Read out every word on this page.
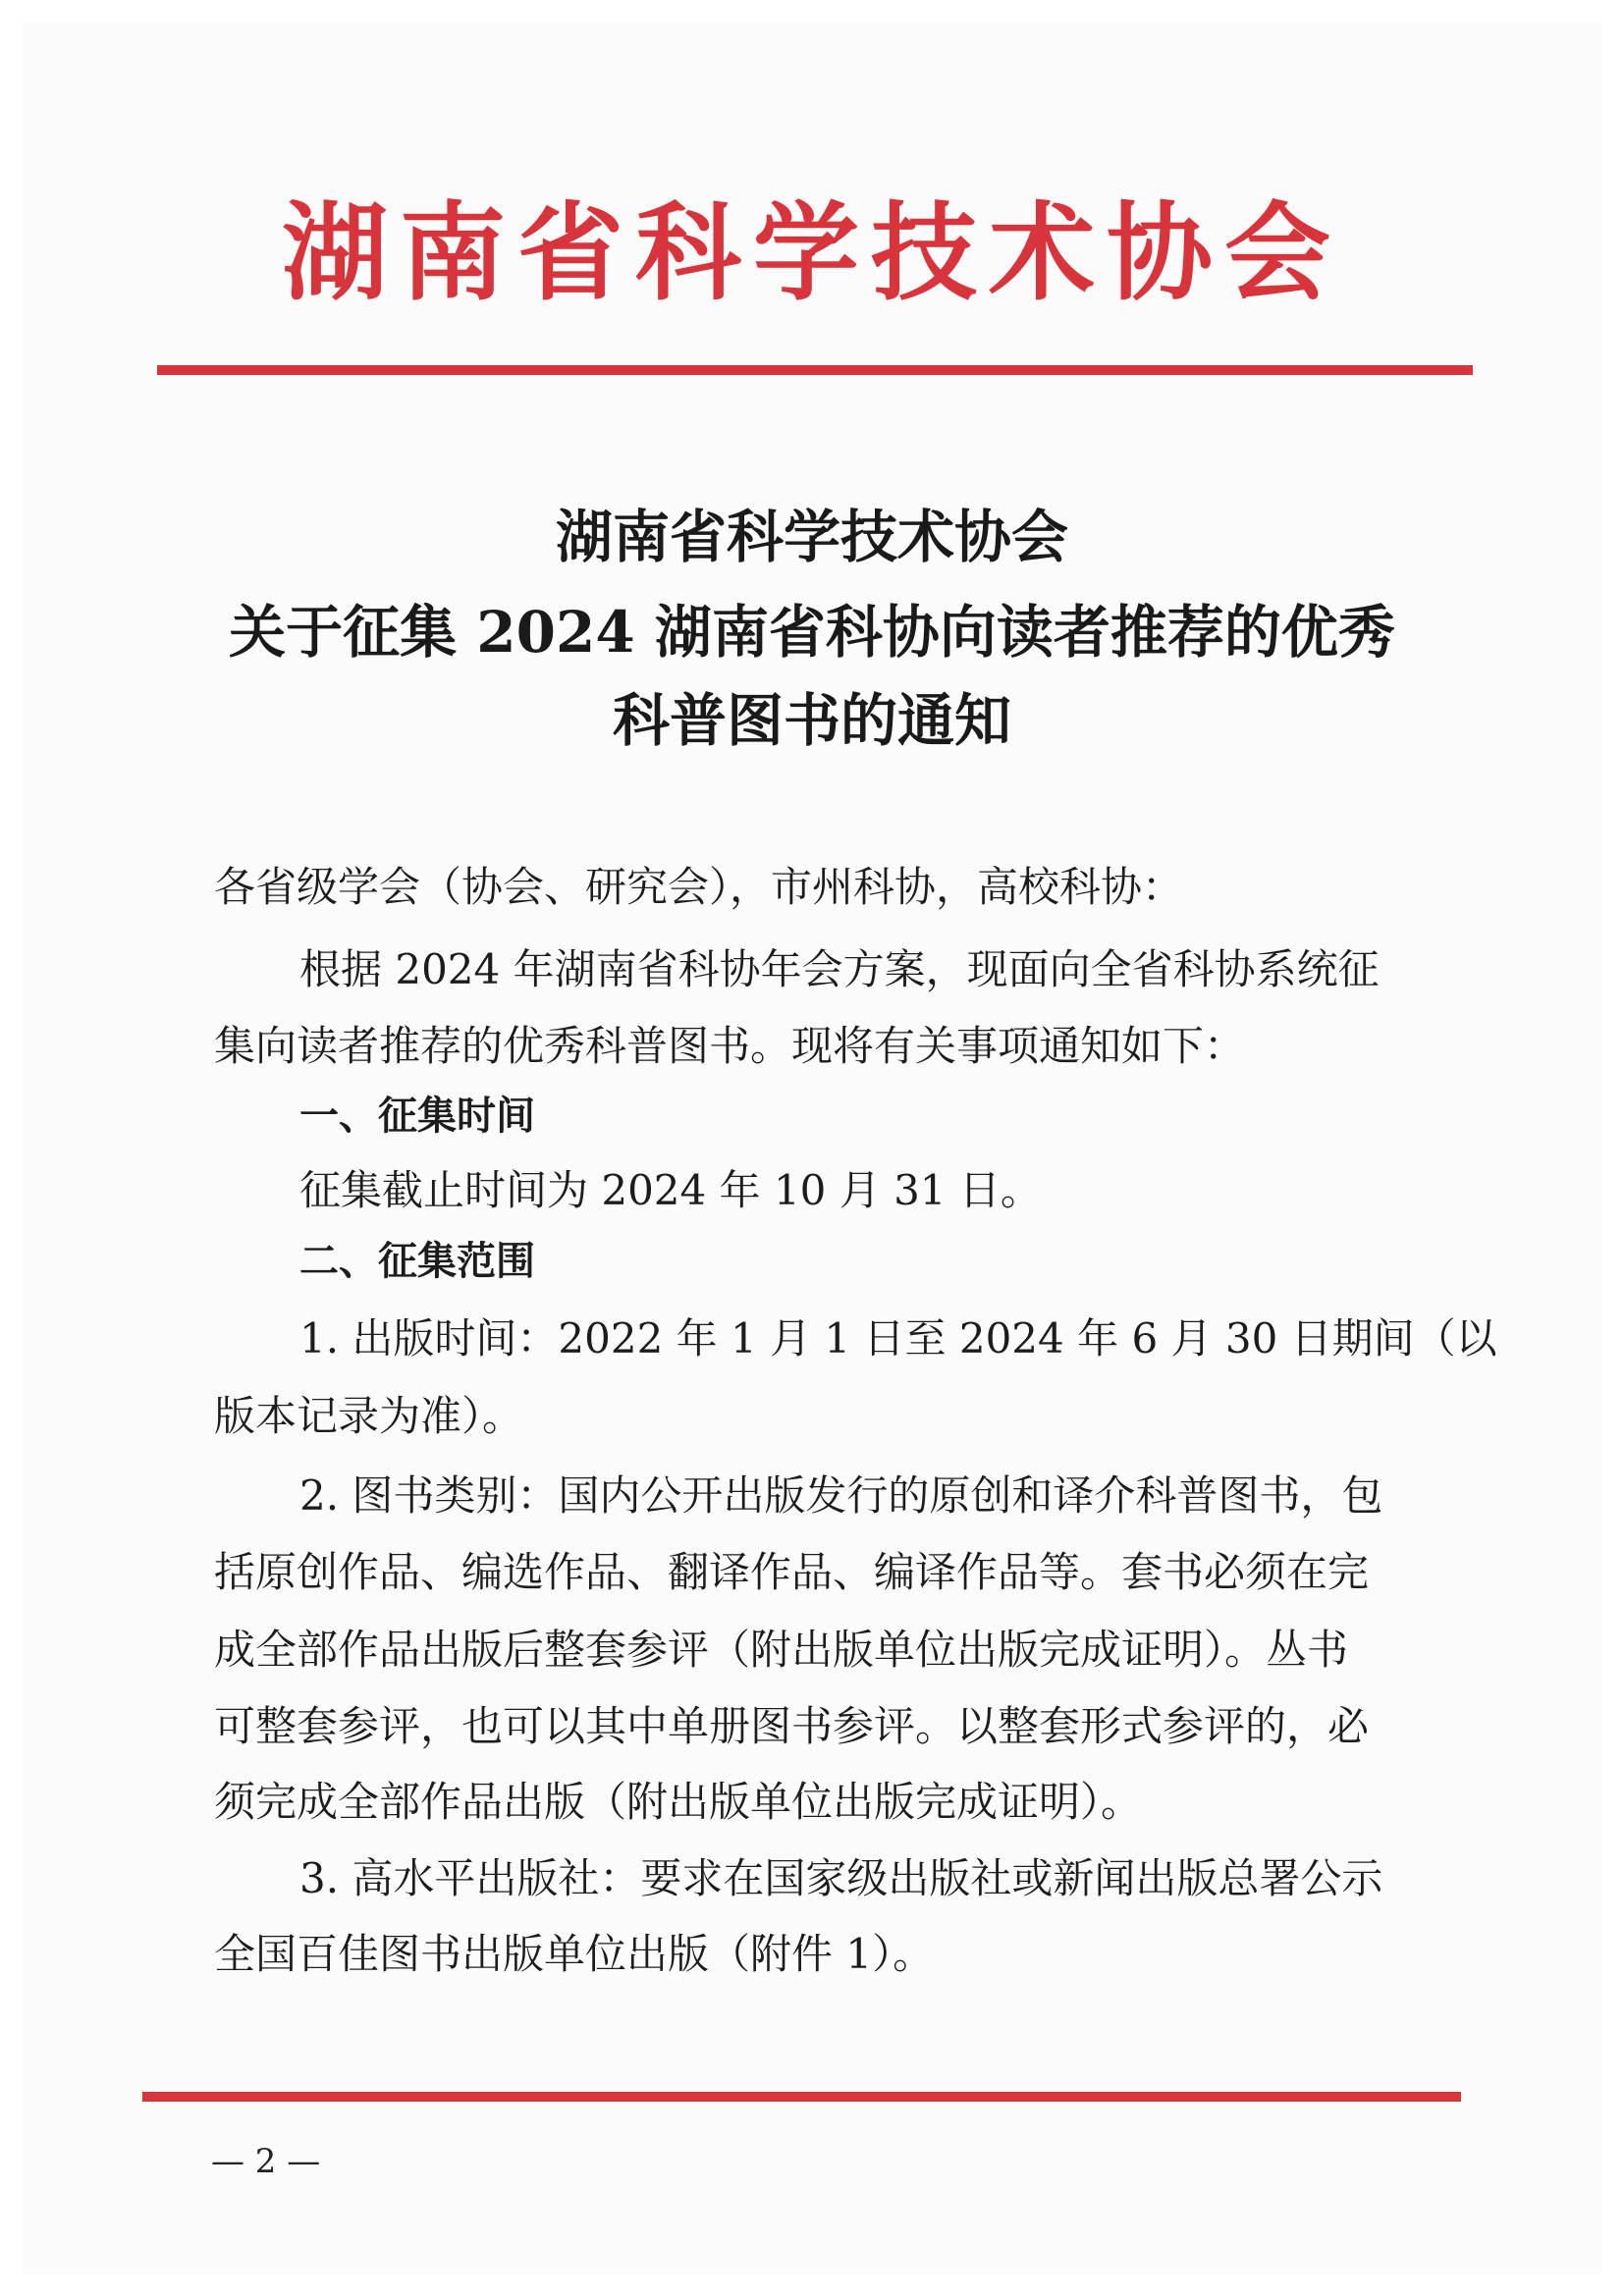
湖南省科学技术协会
湖南省科学技术协会
关于征集 2024 湖南省科协向读者推荐的优秀
科普图书的通知
各省级学会（协会、研究会），市州科协，高校科协：
根据 2024 年湖南省科协年会方案，现面向全省科协系统征
集向读者推荐的优秀科普图书。现将有关事项通知如下：
一、征集时间
征集截止时间为 2024 年 10 月 31 日。
二、征集范围
1. 出版时间：2022 年 1 月 1 日至 2024 年 6 月 30 日期间（以
版本记录为准）。
2. 图书类别：国内公开出版发行的原创和译介科普图书，包
括原创作品、编选作品、翻译作品、编译作品等。套书必须在完
成全部作品出版后整套参评（附出版单位出版完成证明）。丛书
可整套参评，也可以其中单册图书参评。以整套形式参评的，必
须完成全部作品出版（附出版单位出版完成证明）。
3. 高水平出版社：要求在国家级出版社或新闻出版总署公示
全国百佳图书出版单位出版（附件 1）。
— 2 —
